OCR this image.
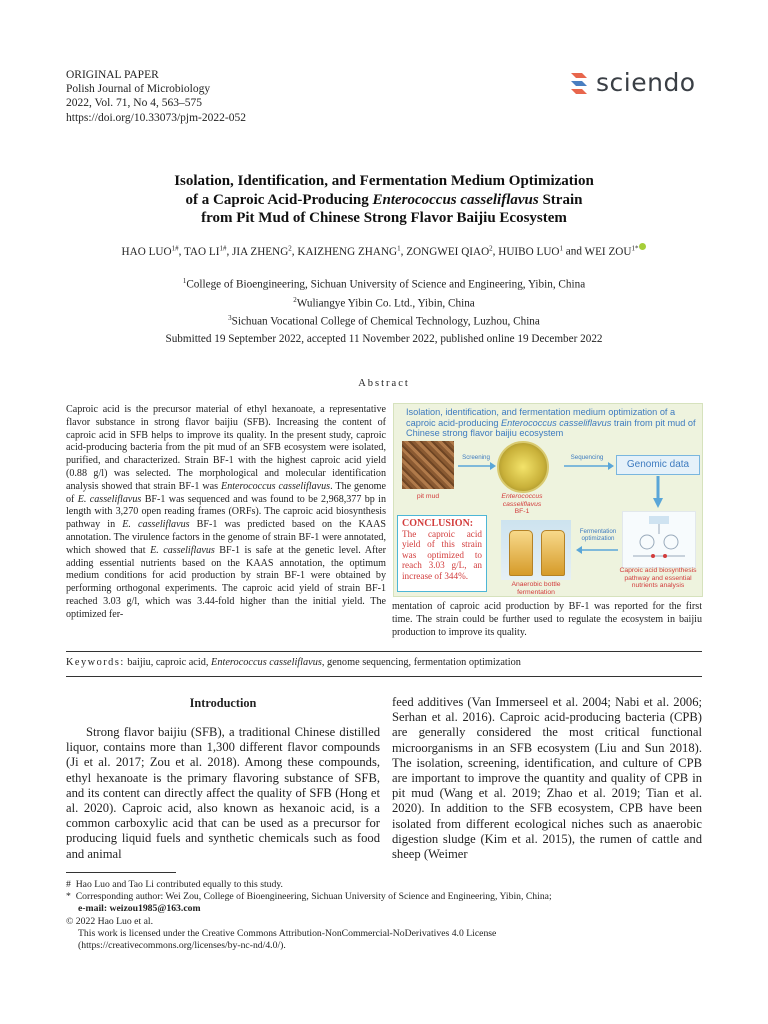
ORIGINAL PAPER
Polish Journal of Microbiology
2022, Vol. 71, No 4, 563–575
https://doi.org/10.33073/pjm-2022-052
sciendo
Isolation, Identification, and Fermentation Medium Optimization
of a Caproic Acid-Producing Enterococcus casseliflavus Strain
from Pit Mud of Chinese Strong Flavor Baijiu Ecosystem
HAO $LUO^{1\#}$, TAO $LI^{1\#}$, JIA ZHENG$^2$, KAIZHENG ZHANG$^1$, ZONGWEI QIAO$^2$, HUIBO LUO$^1$ and WEI $ZOU^{1*}$
$^1$College of Bioengineering, Sichuan University of Science and Engineering, Yibin, China
$^2$Wuliangye Yibin Co. Ltd., Yibin, China
$^3$Sichuan Vocational College of Chemical Technology, Luzhou, China
Submitted 19 September 2022, accepted 11 November 2022, published online 19 December 2022
Abstract
Caproic acid is the precursor material of ethyl hexanoate, a representative flavor substance in strong flavor baijiu (SFB). Increasing the content of caproic acid in SFB helps to improve its quality. In the present study, caproic acid-producing bacteria from the pit mud of an SFB ecosystem were isolated, purified, and characterized. Strain BF-1 with the highest caproic acid yield (0.88 g/l) was selected. The morphological and molecular identification analysis showed that strain BF-1 was Enterococcus casseliflavus. The genome of E. casseliflavus BF-1 was sequenced and was found to be 2,968,377 bp in length with 3,270 open reading frames (ORFs). The caproic acid biosynthesis pathway in E. casseliflavus BF-1 was predicted based on the KAAS annotation. The virulence factors in the genome of strain BF-1 were annotated, which showed that E. casseliflavus BF-1 is safe at the genetic level. After adding essential nutrients based on the KAAS annotation, the optimum medium conditions for acid production by strain BF-1 were obtained by performing orthogonal experiments. The caproic acid yield of strain BF-1 reached 3.03 g/l, which was 3.44-fold higher than the initial yield. The optimized fer-
Isolation, identification, and fermentation medium optimization of a caproic acid-producing Enterococcus casseliflavus train from pit mud of Chinese strong flavor baijiu ecosystem
pit mud
Screening
Enterococcus casseliflavus
BF-1
Sequencing
Genomic data
CONCLUSION:
The caproic acid yield of this strain was optimized to reach 3.03 g/L, an increase of 344%.
Anaerobic bottle fermentation
Fermentation optimization
Caproic acid biosynthesis pathway and essential nutrients analysis
mentation of caproic acid production by BF-1 was reported for the first time. The strain could be further used to regulate the ecosystem in baijiu production to improve its quality.
Keywords: baijiu, caproic acid, Enterococcus casseliflavus, genome sequencing, fermentation optimization
Introduction
Strong flavor baijiu (SFB), a traditional Chinese distilled liquor, contains more than 1,300 different flavor compounds (Ji et al. 2017; Zou et al. 2018). Among these compounds, ethyl hexanoate is the primary flavoring substance of SFB, and its content can directly affect the quality of SFB (Hong et al. 2020). Caproic acid, also known as hexanoic acid, is a common carboxylic acid that can be used as a precursor for producing liquid fuels and synthetic chemicals such as food and animal
feed additives (Van Immerseel et al. 2004; Nabi et al. 2006; Serhan et al. 2016). Caproic acid-producing bacteria (CPB) are generally considered the most critical functional microorganisms in an SFB ecosystem (Liu and Sun 2018). The isolation, screening, identification, and culture of CPB are important to improve the quantity and quality of CPB in pit mud (Wang et al. 2019; Zhao et al. 2019; Tian et al. 2020). In addition to the SFB ecosystem, CPB have been isolated from different ecological niches such as anaerobic digestion sludge (Kim et al. 2015), the rumen of cattle and sheep (Weimer
# Hao Luo and Tao Li contributed equally to this study.
* Corresponding author: Wei Zou, College of Bioengineering, Sichuan University of Science and Engineering, Yibin, China;
e-mail: weizou1985@163.com
© 2022 Hao Luo et al.
This work is licensed under the Creative Commons Attribution-NonCommercial-NoDerivatives 4.0 License
(https://creativecommons.org/licenses/by-nc-nd/4.0/).
